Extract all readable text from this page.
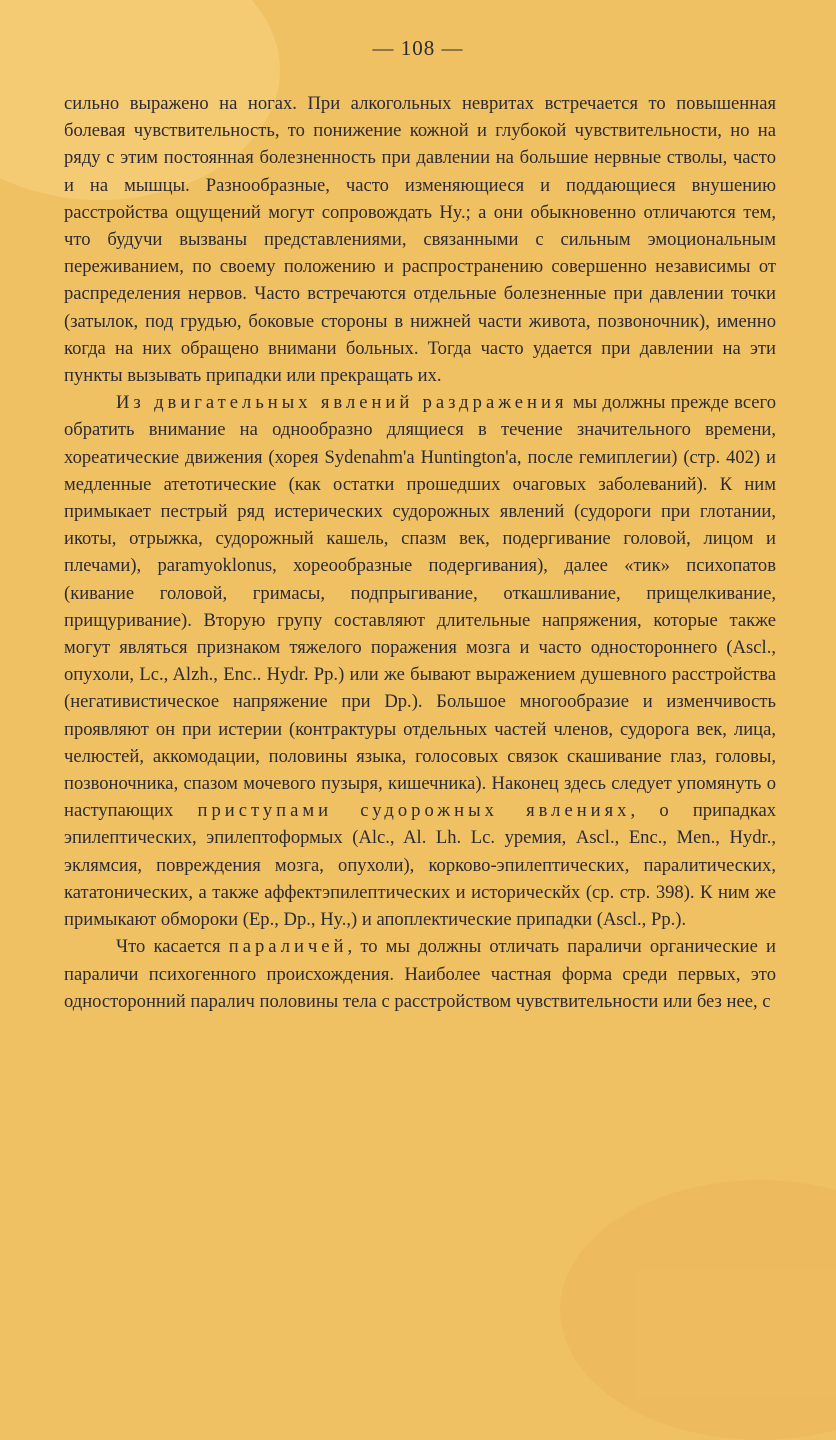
— 108 —

сильно выражено на ногах. При алкогольных невритах встречается то повышенная болевая чувствительность, то понижение кожной и глубокой чувствительности, но на ряду с этим постоянная болезненность при давлении на большие нервные стволы, часто и на мышцы. Разнообразные, часто изменяющиеся и поддающиеся внушению расстройства ощущений могут сопровождать Hy.; а они обыкновенно отличаются тем, что будучи вызваны представлениями, связанными с сильным эмоциональным переживанием, по своему положению и распространению совершенно независимы от распределения нервов. Часто встречаются отдельные болезненные при давлении точки (затылок, под грудью, боковые стороны в нижней части живота, позвоночник), именно когда на них обращено внимани больных. Тогда часто удается при давлении на эти пункты вызывать припадки или прекращать их.

Из двигательных явлений раздражения мы должны прежде всего обратить внимание на однообразно длящиеся в течение значительного времени, хореатические движения (хорея Sydenahm'a Huntington'a, после гемиплегии) (стр. 402) и медленные атетотические (как остатки прошедших очаговых заболеваний). К ним примыкает пестрый ряд истерических судорожных явлений (судороги при глотании, икоты, отрыжка, судорожный кашель, спазм век, подергивание головой, лицом и плечами), paramyoklonus, хореообразные подергивания), далее «тик» психопатов (кивание головой, гримасы, подпрыгивание, откашливание, прищелкивание, прищуривание). Вторую групу составляют длительные напряжения, которые также могут являться признаком тяжелого поражения мозга и часто одностороннего (Ascl., опухоли, Lc., Alzh., Enc.. Hydr. Pp.) или же бывают выражением душевного расстройства (негативистическое напряжение при Dp.). Большое многообразие и изменчивость проявляют он при истерии (контрактуры отдельных частей членов, судорога век, лица, челюстей, аккомодации, половины языка, голосовых связок скашивание глаз, головы, позвоночника, спазом мочевого пузыря, кишечника). Наконец здесь следует упомянуть о наступающих приступами судорожных явлениях, о припадках эпилептических, эпилептоформых (Alc., Al. Lh. Lc. уремия, Ascl., Enc., Men., Hydr., эклямсия, повреждения мозга, опухоли), корково-эпилептических, паралитических, кататонических, а также аффектэпилептических и историческйх (ср. стр. 398). К ним же примыкают обмороки (Ep., Dp., Hy.,) и апоплектические припадки (Ascl., Pp.).

Что касается параличей, то мы должны отличать параличи органические и параличи психогенного происхождения. Наиболее частная форма среди первых, это односторонний паралич половины тела с расстройством чувствительности или без нее, с
